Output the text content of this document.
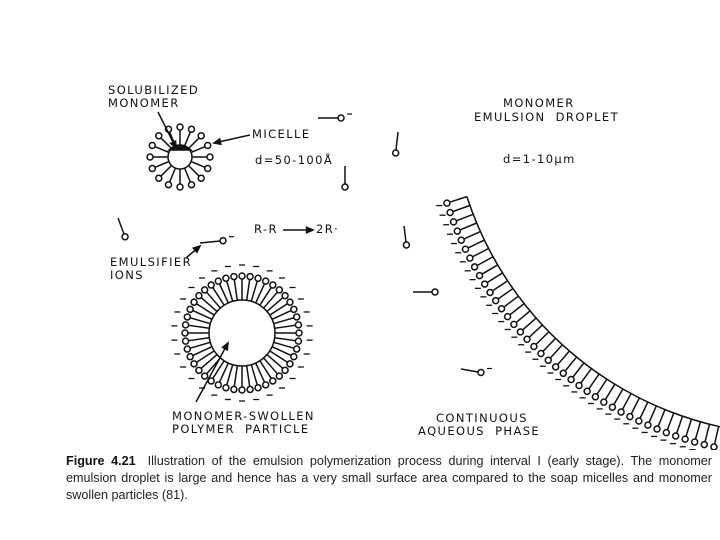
SOLUBILIZED
MONOMER
MICELLE
d=50-100Å
MONOMER
EMULSION  DROPLET
d=1-10μm
R-R	2R·
EMULSIFIER
IONS
MONOMER-SWOLLEN
POLYMER  PARTICLE
CONTINUOUS
AQUEOUS  PHASE
Figure 4.21 Illustration of the emulsion polymerization process during interval I (early stage). The monomer emulsion droplet is large and hence has a very small surface area compared to the soap micelles and monomer swollen particles (81).
